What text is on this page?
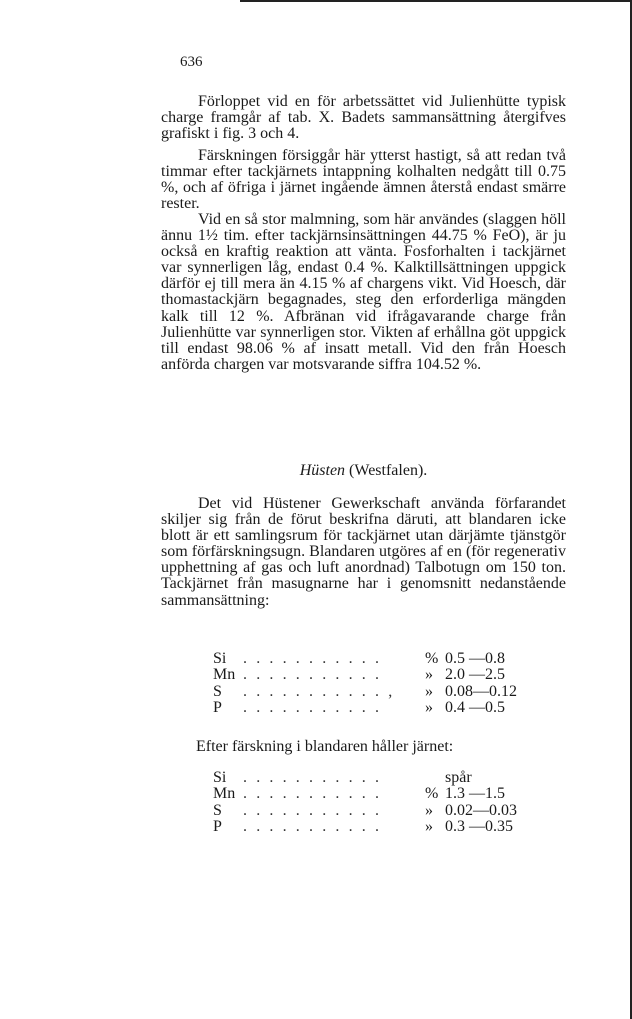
636

Förloppet vid en för arbetssättet vid Julienhütte typisk charge framgår af tab. X. Badets sammansättning återgifves grafiskt i fig. 3 och 4.

Färskningen försiggår här ytterst hastigt, så att redan två timmar efter tackjärnets intappning kolhalten nedgått till 0.75 %, och af öfriga i järnet ingående ämnen återstå endast smärre rester.

Vid en så stor malmning, som här användes (slaggen höll ännu 1½ tim. efter tackjärnsinsättningen 44.75 % FeO), är ju också en kraftig reaktion att vänta. Fosforhalten i tackjärnet var synnerligen låg, endast 0.4 %. Kalktillsättningen uppgick därför ej till mera än 4.15 % af chargens vikt. Vid Hoesch, där thomastackjärn begagnades, steg den erforderliga mängden kalk till 12 %. Afbränan vid ifrågavarande charge från Julienhütte var synnerligen stor. Vikten af erhållna göt uppgick till endast 98.06 % af insatt metall. Vid den från Hoesch anförda chargen var motsvarande siffra 104.52 %.

Hüsten (Westfalen).

Det vid Hüstener Gewerkschaft använda förfarandet skiljer sig från de förut beskrifna däruti, att blandaren icke blott är ett samlingsrum för tackjärnet utan därjämte tjänstgör som förfärskningsugn. Blandaren utgöres af en (för regenerativ upphettning af gas och luft anordnad) Talbotugn om 150 ton. Tackjärnet från masugnarne har i genomsnitt nedanstående sammansättning:

Si	. . . . . . . . . . .	% 0.5 —0.8
Mn . . . . . . . . . . .	» 2.0 —2.5
S	. . . . . . . . . . . ,	» 0.08—0.12
P	. . . . . . . . . . .	» 0.4 —0.5
Efter färskning i blandaren håller järnet:
Si	. . . . . . . . . . .	spår
Mn . . . . . . . . . . .	% 1.3 —1.5
S	. . . . . . . . . . .	» 0.02—0.03
P	. . . . . . . . . . .	» 0.3 —0.35
